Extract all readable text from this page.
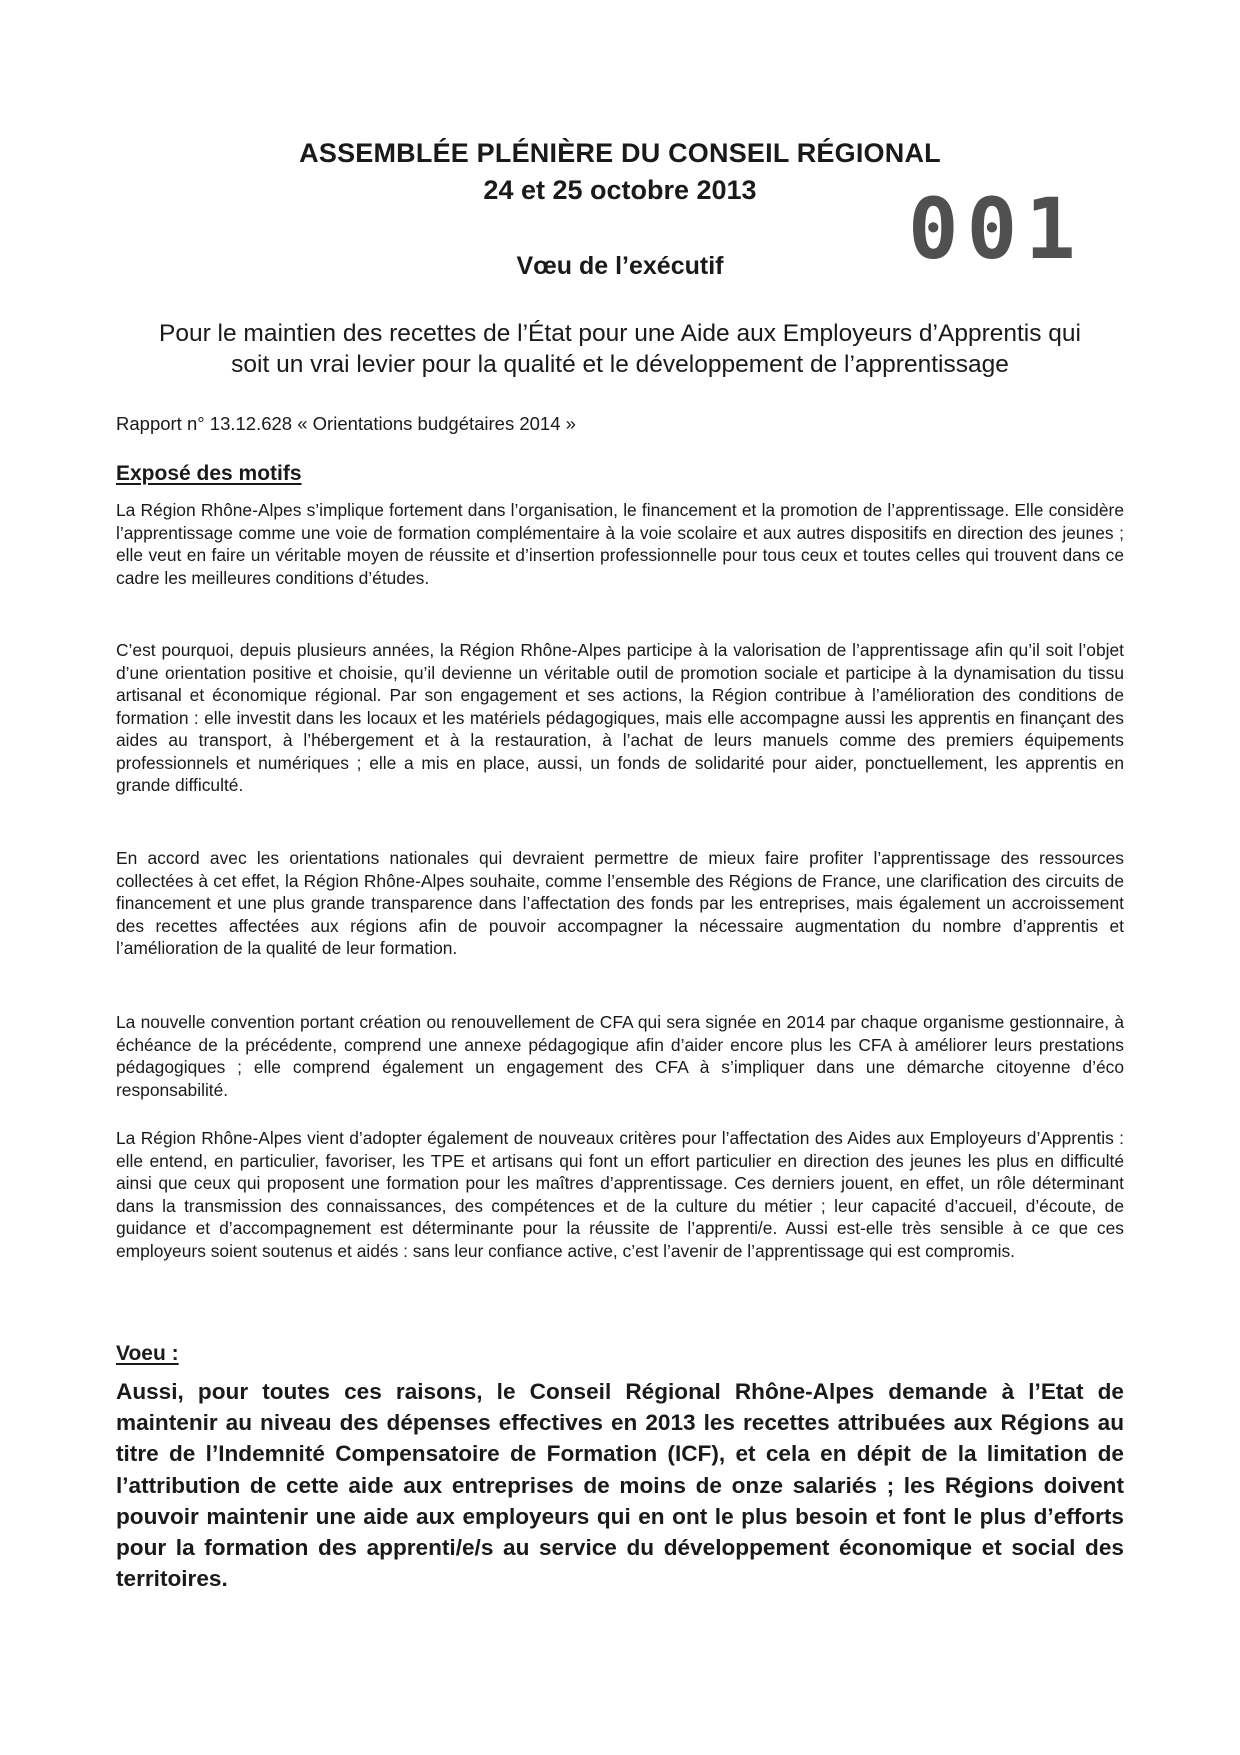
ASSEMBLÉE PLÉNIÈRE DU CONSEIL RÉGIONAL
24 et 25 octobre 2013	001
Vœu de l’exécutif
Pour le maintien des recettes de l’État pour une Aide aux Employeurs d’Apprentis qui
soit un vrai levier pour la qualité et le développement de l’apprentissage
Rapport n° 13.12.628 « Orientations budgétaires 2014 »
Exposé des motifs
La Région Rhône-Alpes s’implique fortement dans l’organisation, le financement et la promotion de l’apprentissage. Elle considère l’apprentissage comme une voie de formation complémentaire à la voie scolaire et aux autres dispositifs en direction des jeunes ; elle veut en faire un véritable moyen de réussite et d’insertion professionnelle pour tous ceux et toutes celles qui trouvent dans ce cadre les meilleures conditions d’études.
C’est pourquoi, depuis plusieurs années, la Région Rhône-Alpes participe à la valorisation de l’apprentissage afin qu’il soit l’objet d’une orientation positive et choisie, qu’il devienne un véritable outil de promotion sociale et participe à la dynamisation du tissu artisanal et économique régional. Par son engagement et ses actions, la Région contribue à l’amélioration des conditions de formation : elle investit dans les locaux et les matériels pédagogiques, mais elle accompagne aussi les apprentis en finançant des aides au transport, à l’hébergement et à la restauration, à l’achat de leurs manuels comme des premiers équipements professionnels et numériques ; elle a mis en place, aussi, un fonds de solidarité pour aider, ponctuellement, les apprentis en grande difficulté.
En accord avec les orientations nationales qui devraient permettre de mieux faire profiter l’apprentissage des ressources collectées à cet effet, la Région Rhône-Alpes souhaite, comme l’ensemble des Régions de France, une clarification des circuits de financement et une plus grande transparence dans l’affectation des fonds par les entreprises, mais également un accroissement des recettes affectées aux régions afin de pouvoir accompagner la nécessaire augmentation du nombre d’apprentis et l’amélioration de la qualité de leur formation.
La nouvelle convention portant création ou renouvellement de CFA qui sera signée en 2014 par chaque organisme gestionnaire, à échéance de la précédente, comprend une annexe pédagogique afin d’aider encore plus les CFA à améliorer leurs prestations pédagogiques ; elle comprend également un engagement des CFA à s’impliquer dans une démarche citoyenne d’éco responsabilité.
La Région Rhône-Alpes vient d’adopter également de nouveaux critères pour l’affectation des Aides aux Employeurs d’Apprentis : elle entend, en particulier, favoriser, les TPE et artisans qui font un effort particulier en direction des jeunes les plus en difficulté ainsi que ceux qui proposent une formation pour les maîtres d’apprentissage. Ces derniers jouent, en effet, un rôle déterminant dans la transmission des connaissances, des compétences et de la culture du métier ; leur capacité d’accueil, d’écoute, de guidance et d’accompagnement est déterminante pour la réussite de l’apprenti/e. Aussi est-elle très sensible à ce que ces employeurs soient soutenus et aidés : sans leur confiance active, c’est l’avenir de l’apprentissage qui est compromis.
Voeu :
Aussi, pour toutes ces raisons, le Conseil Régional Rhône-Alpes demande à l’Etat de maintenir au niveau des dépenses effectives en 2013 les recettes attribuées aux Régions au titre de l’Indemnité Compensatoire de Formation (ICF), et cela en dépit de la limitation de l’attribution de cette aide aux entreprises de moins de onze salariés ; les Régions doivent pouvoir maintenir une aide aux employeurs qui en ont le plus besoin et font le plus d’efforts pour la formation des apprenti/e/s au service du développement économique et social des territoires.
